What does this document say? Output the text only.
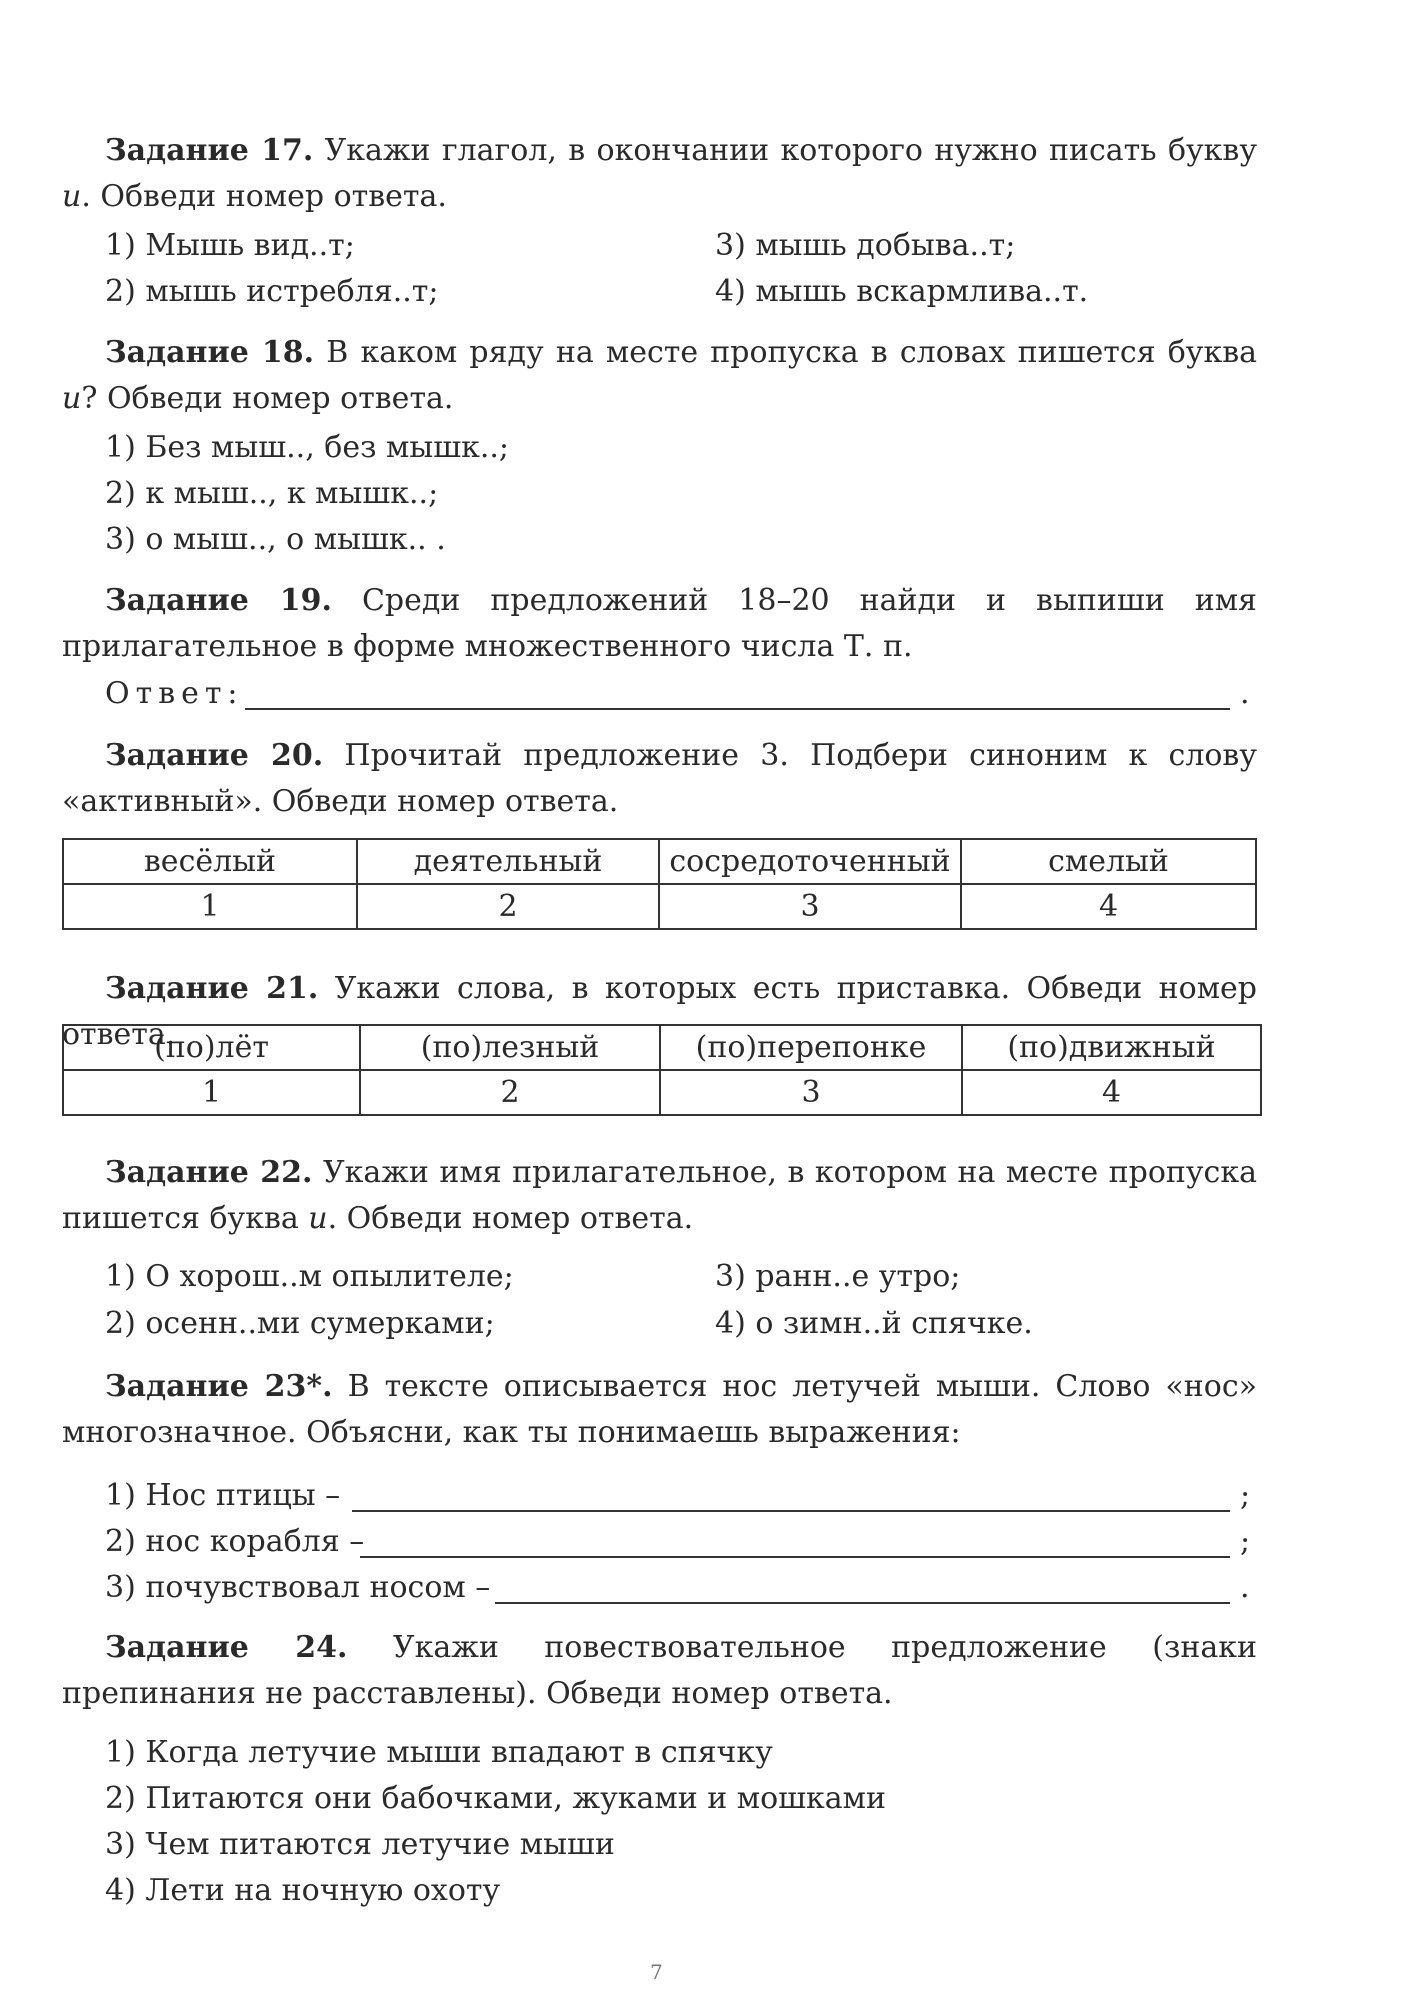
Задание 17. Укажи глагол, в окончании которого нужно писать букву и. Обведи номер ответа.
1) Мышь вид..т;
2) мышь истребля..т;
3) мышь добыва..т;
4) мышь вскармлива..т.
Задание 18. В каком ряду на месте пропуска в словах пишется буква и? Обведи номер ответа.
1) Без мыш.., без мышк..;
2) к мыш.., к мышк..;
3) о мыш.., о мышк.. .
Задание 19. Среди предложений 18–20 найди и выпиши имя прилагательное в форме множественного числа Т. п.
Ответ:	.
Задание 20. Прочитай предложение 3. Подбери синоним к слову «активный». Обведи номер ответа.
весёлый	деятельный	сосредоточенный	смелый
1	2	3	4
Задание 21. Укажи слова, в которых есть приставка. Обведи номер ответа.
(по)лёт	(по)лезный	(по)перепонке	(по)движный
1	2	3	4
Задание 22. Укажи имя прилагательное, в котором на месте пропуска пишется буква и. Обведи номер ответа.
1) О хорош..м опылителе;
2) осенн..ми сумерками;
3) ранн..е утро;
4) о зимн..й спячке.
Задание 23*. В тексте описывается нос летучей мыши. Слово «нос» многозначное. Объясни, как ты понимаешь выражения:
1) Нос птицы –	;
2) нос корабля –	;
3) почувствовал носом –	.
Задание 24. Укажи повествовательное предложение (знаки препинания не расставлены). Обведи номер ответа.
1) Когда летучие мыши впадают в спячку
2) Питаются они бабочками, жуками и мошками
3) Чем питаются летучие мыши
4) Лети на ночную охоту
7
